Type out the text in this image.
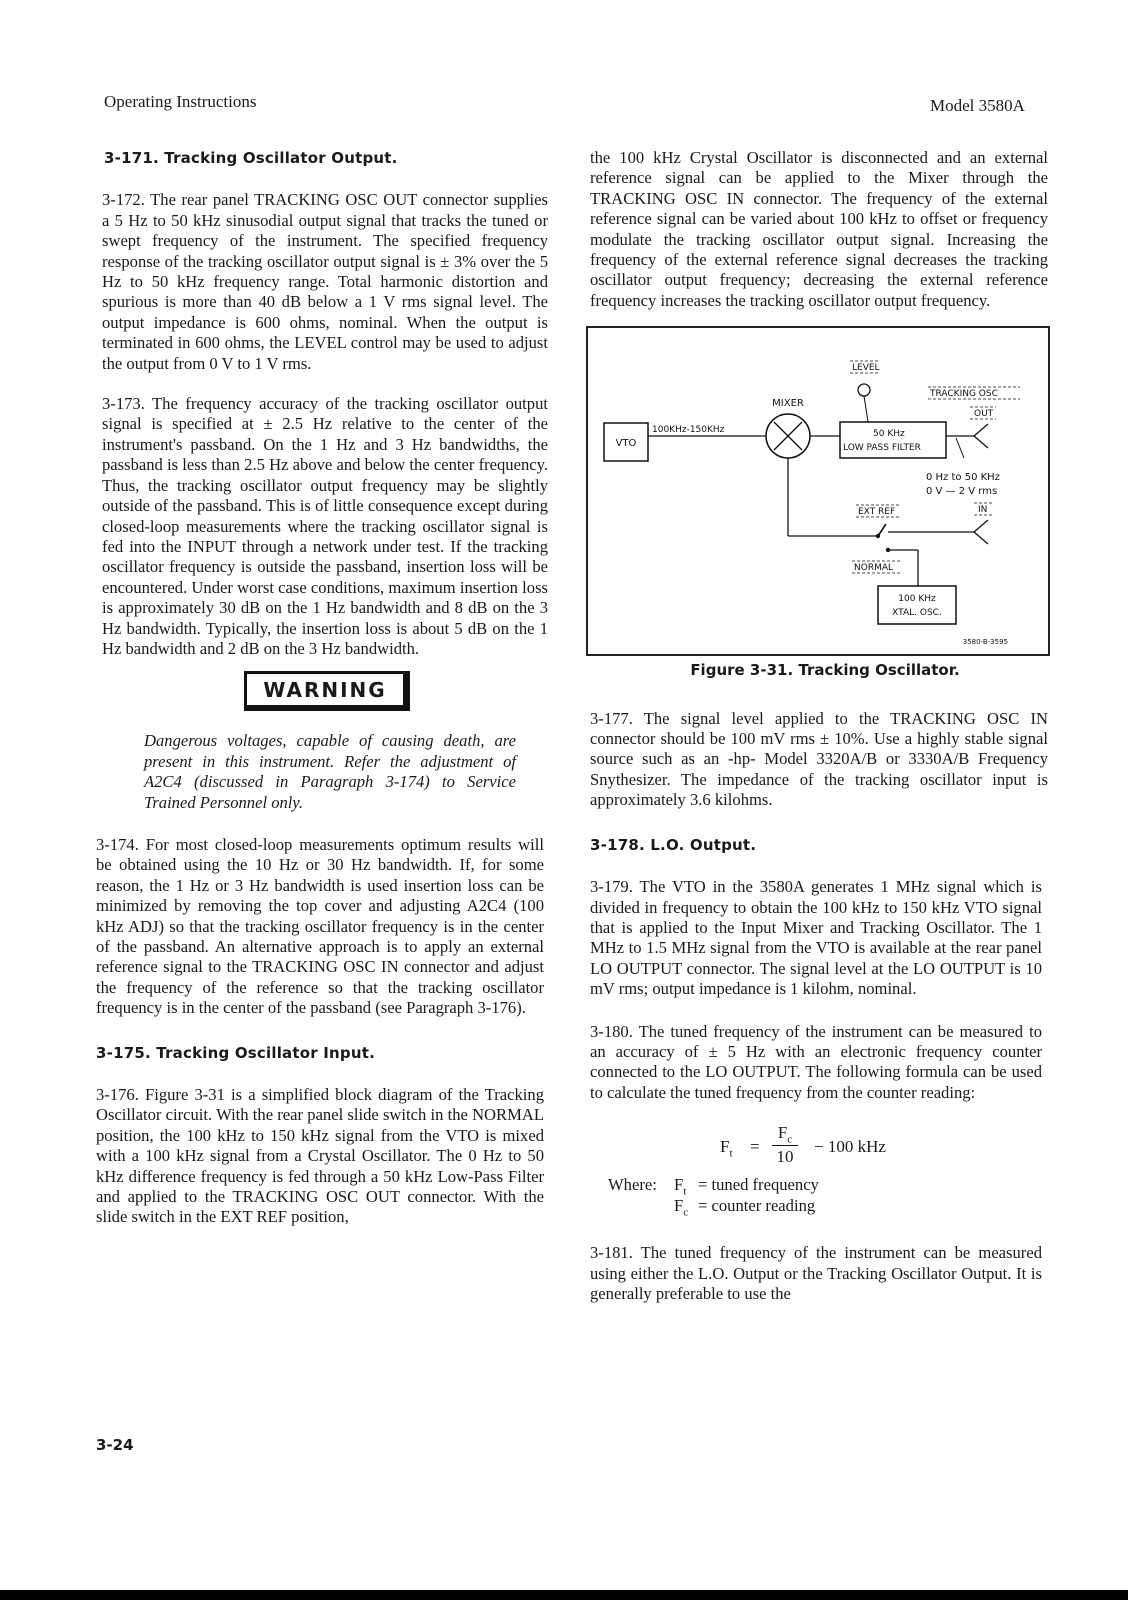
Operating Instructions	Model 3580A

3-171. Tracking Oscillator Output.

3-172. The rear panel TRACKING OSC OUT connector supplies a 5 Hz to 50 kHz sinusodial output signal that tracks the tuned or swept frequency of the instrument. The specified frequency response of the tracking oscillator output signal is ± 3% over the 5 Hz to 50 kHz frequency range. Total harmonic distortion and spurious is more than 40 dB below a 1 V rms signal level. The output impedance is 600 ohms, nominal. When the output is terminated in 600 ohms, the LEVEL control may be used to adjust the output from 0 V to 1 V rms.

3-173. The frequency accuracy of the tracking oscillator output signal is specified at ± 2.5 Hz relative to the center of the instrument's passband. On the 1 Hz and 3 Hz bandwidths, the passband is less than 2.5 Hz above and below the center frequency. Thus, the tracking oscillator output frequency may be slightly outside of the passband. This is of little consequence except during closed-loop measurements where the tracking oscillator signal is fed into the INPUT through a network under test. If the tracking oscillator frequency is outside the passband, insertion loss will be encountered. Under worst case conditions, maximum insertion loss is approximately 30 dB on the 1 Hz bandwidth and 8 dB on the 3 Hz bandwidth. Typically, the insertion loss is about 5 dB on the 1 Hz bandwidth and 2 dB on the 3 Hz bandwidth.

WARNING

Dangerous voltages, capable of causing death, are present in this instrument. Refer the adjustment of A2C4 (discussed in Paragraph 3-174) to Service Trained Personnel only.

3-174. For most closed-loop measurements optimum results will be obtained using the 10 Hz or 30 Hz bandwidth. If, for some reason, the 1 Hz or 3 Hz bandwidth is used insertion loss can be minimized by removing the top cover and adjusting A2C4 (100 kHz ADJ) so that the tracking oscillator frequency is in the center of the passband. An alternative approach is to apply an external reference signal to the TRACKING OSC IN connector and adjust the frequency of the reference so that the tracking oscillator frequency is in the center of the passband (see Paragraph 3-176).

3-175. Tracking Oscillator Input.

3-176. Figure 3-31 is a simplified block diagram of the Tracking Oscillator circuit. With the rear panel slide switch in the NORMAL position, the 100 kHz to 150 kHz signal from the VTO is mixed with a 100 kHz signal from a Crystal Oscillator. The 0 Hz to 50 kHz difference frequency is fed through a 50 kHz Low-Pass Filter and applied to the TRACKING OSC OUT connector. With the slide switch in the EXT REF position,

the 100 kHz Crystal Oscillator is disconnected and an external reference signal can be applied to the Mixer through the TRACKING OSC IN connector. The frequency of the external reference signal can be varied about 100 kHz to offset or frequency modulate the tracking oscillator output signal. Increasing the frequency of the external reference signal decreases the tracking oscillator output frequency; decreasing the external reference frequency increases the tracking oscillator output frequency.

VTO
100KHz-150KHz
MIXER
50 KHz
LOW PASS FILTER
LEVEL
TRACKING OSC
OUT
0 Hz to 50 KHz
0 V — 2 V rms
IN
EXT REF
NORMAL
100 KHz
XTAL. OSC.
3580-B-3595
Figure 3-31. Tracking Oscillator.

3-177. The signal level applied to the TRACKING OSC IN connector should be 100 mV rms ± 10%. Use a highly stable signal source such as an -hp- Model 3320A/B or 3330A/B Frequency Snythesizer. The impedance of the tracking oscillator input is approximately 3.6 kilohms.

3-178. L.O. Output.

3-179. The VTO in the 3580A generates 1 MHz signal which is divided in frequency to obtain the 100 kHz to 150 kHz VTO signal that is applied to the Input Mixer and Tracking Oscillator. The 1 MHz to 1.5 MHz signal from the VTO is available at the rear panel LO OUTPUT connector. The signal level at the LO OUTPUT is 10 mV rms; output impedance is 1 kilohm, nominal.

3-180. The tuned frequency of the instrument can be measured to an accuracy of ± 5 Hz with an electronic frequency counter connected to the LO OUTPUT. The following formula can be used to calculate the tuned frequency from the counter reading:

$F_t$ =
$F_c$
10
− 100 kHz
Where: $F_t$ = tuned frequency
$F_c$ = counter reading

3-181. The tuned frequency of the instrument can be measured using either the L.O. Output or the Tracking Oscillator Output. It is generally preferable to use the

3-24
